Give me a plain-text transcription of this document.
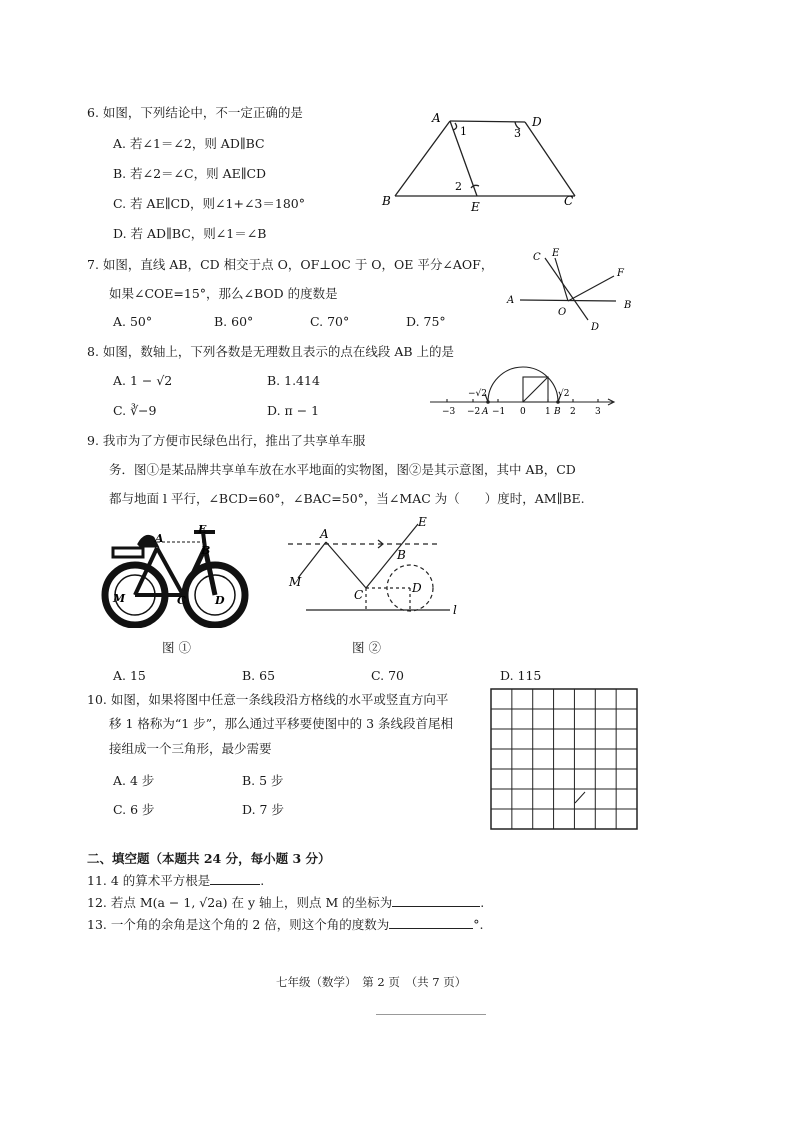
6. 如图，下列结论中，不一定正确的是
A. 若∠1＝∠2，则 AD∥BC
B. 若∠2＝∠C，则 AE∥CD
C. 若 AE∥CD，则∠1+∠3＝180°
D. 若 AD∥BC，则∠1＝∠B
A	D
B	E	C
1
2
3
7. 如图，直线 AB，CD 相交于点 O，OF⊥OC 于 O，OE 平分∠AOF，
如果∠COE=15°，那么∠BOD 的度数是
A. 50°	B. 60°	C. 70°	D. 75°
C E
F
A	B
O
D
8. 如图，数轴上，下列各数是无理数且表示的点在线段 AB 上的是
A. 1 − √2	B. 1.414
C. ∛−9	D. π − 1
−√2	√2
−3 −2 A −1 0 1 B 2 3
9. 我市为了方便市民绿色出行，推出了共享单车服
务．图①是某品牌共享单车放在水平地面的实物图，图②是其示意图，其中 AB，CD
都与地面 l 平行，∠BCD=60°，∠BAC=50°，当∠MAC 为（　　）度时，AM∥BE.
A
E
B
M	C	D
A
E
B
M
C	D
l
图 ①	图 ②
A. 15	B. 65	C. 70	D. 115
10. 如图，如果将图中任意一条线段沿方格线的水平或竖直方向平
移 1 格称为“1 步”，那么通过平移要使图中的 3 条线段首尾相
接组成一个三角形，最少需要
A. 4 步	B. 5 步
C. 6 步	D. 7 步
二、填空题（本题共 24 分，每小题 3 分）
11. 4 的算术平方根是	.
12. 若点 M(a − 1, √2a) 在 y 轴上，则点 M 的坐标为	.
13. 一个角的余角是这个角的 2 倍，则这个角的度数为	°.
七年级（数学）　第 2 页　（共 7 页）
